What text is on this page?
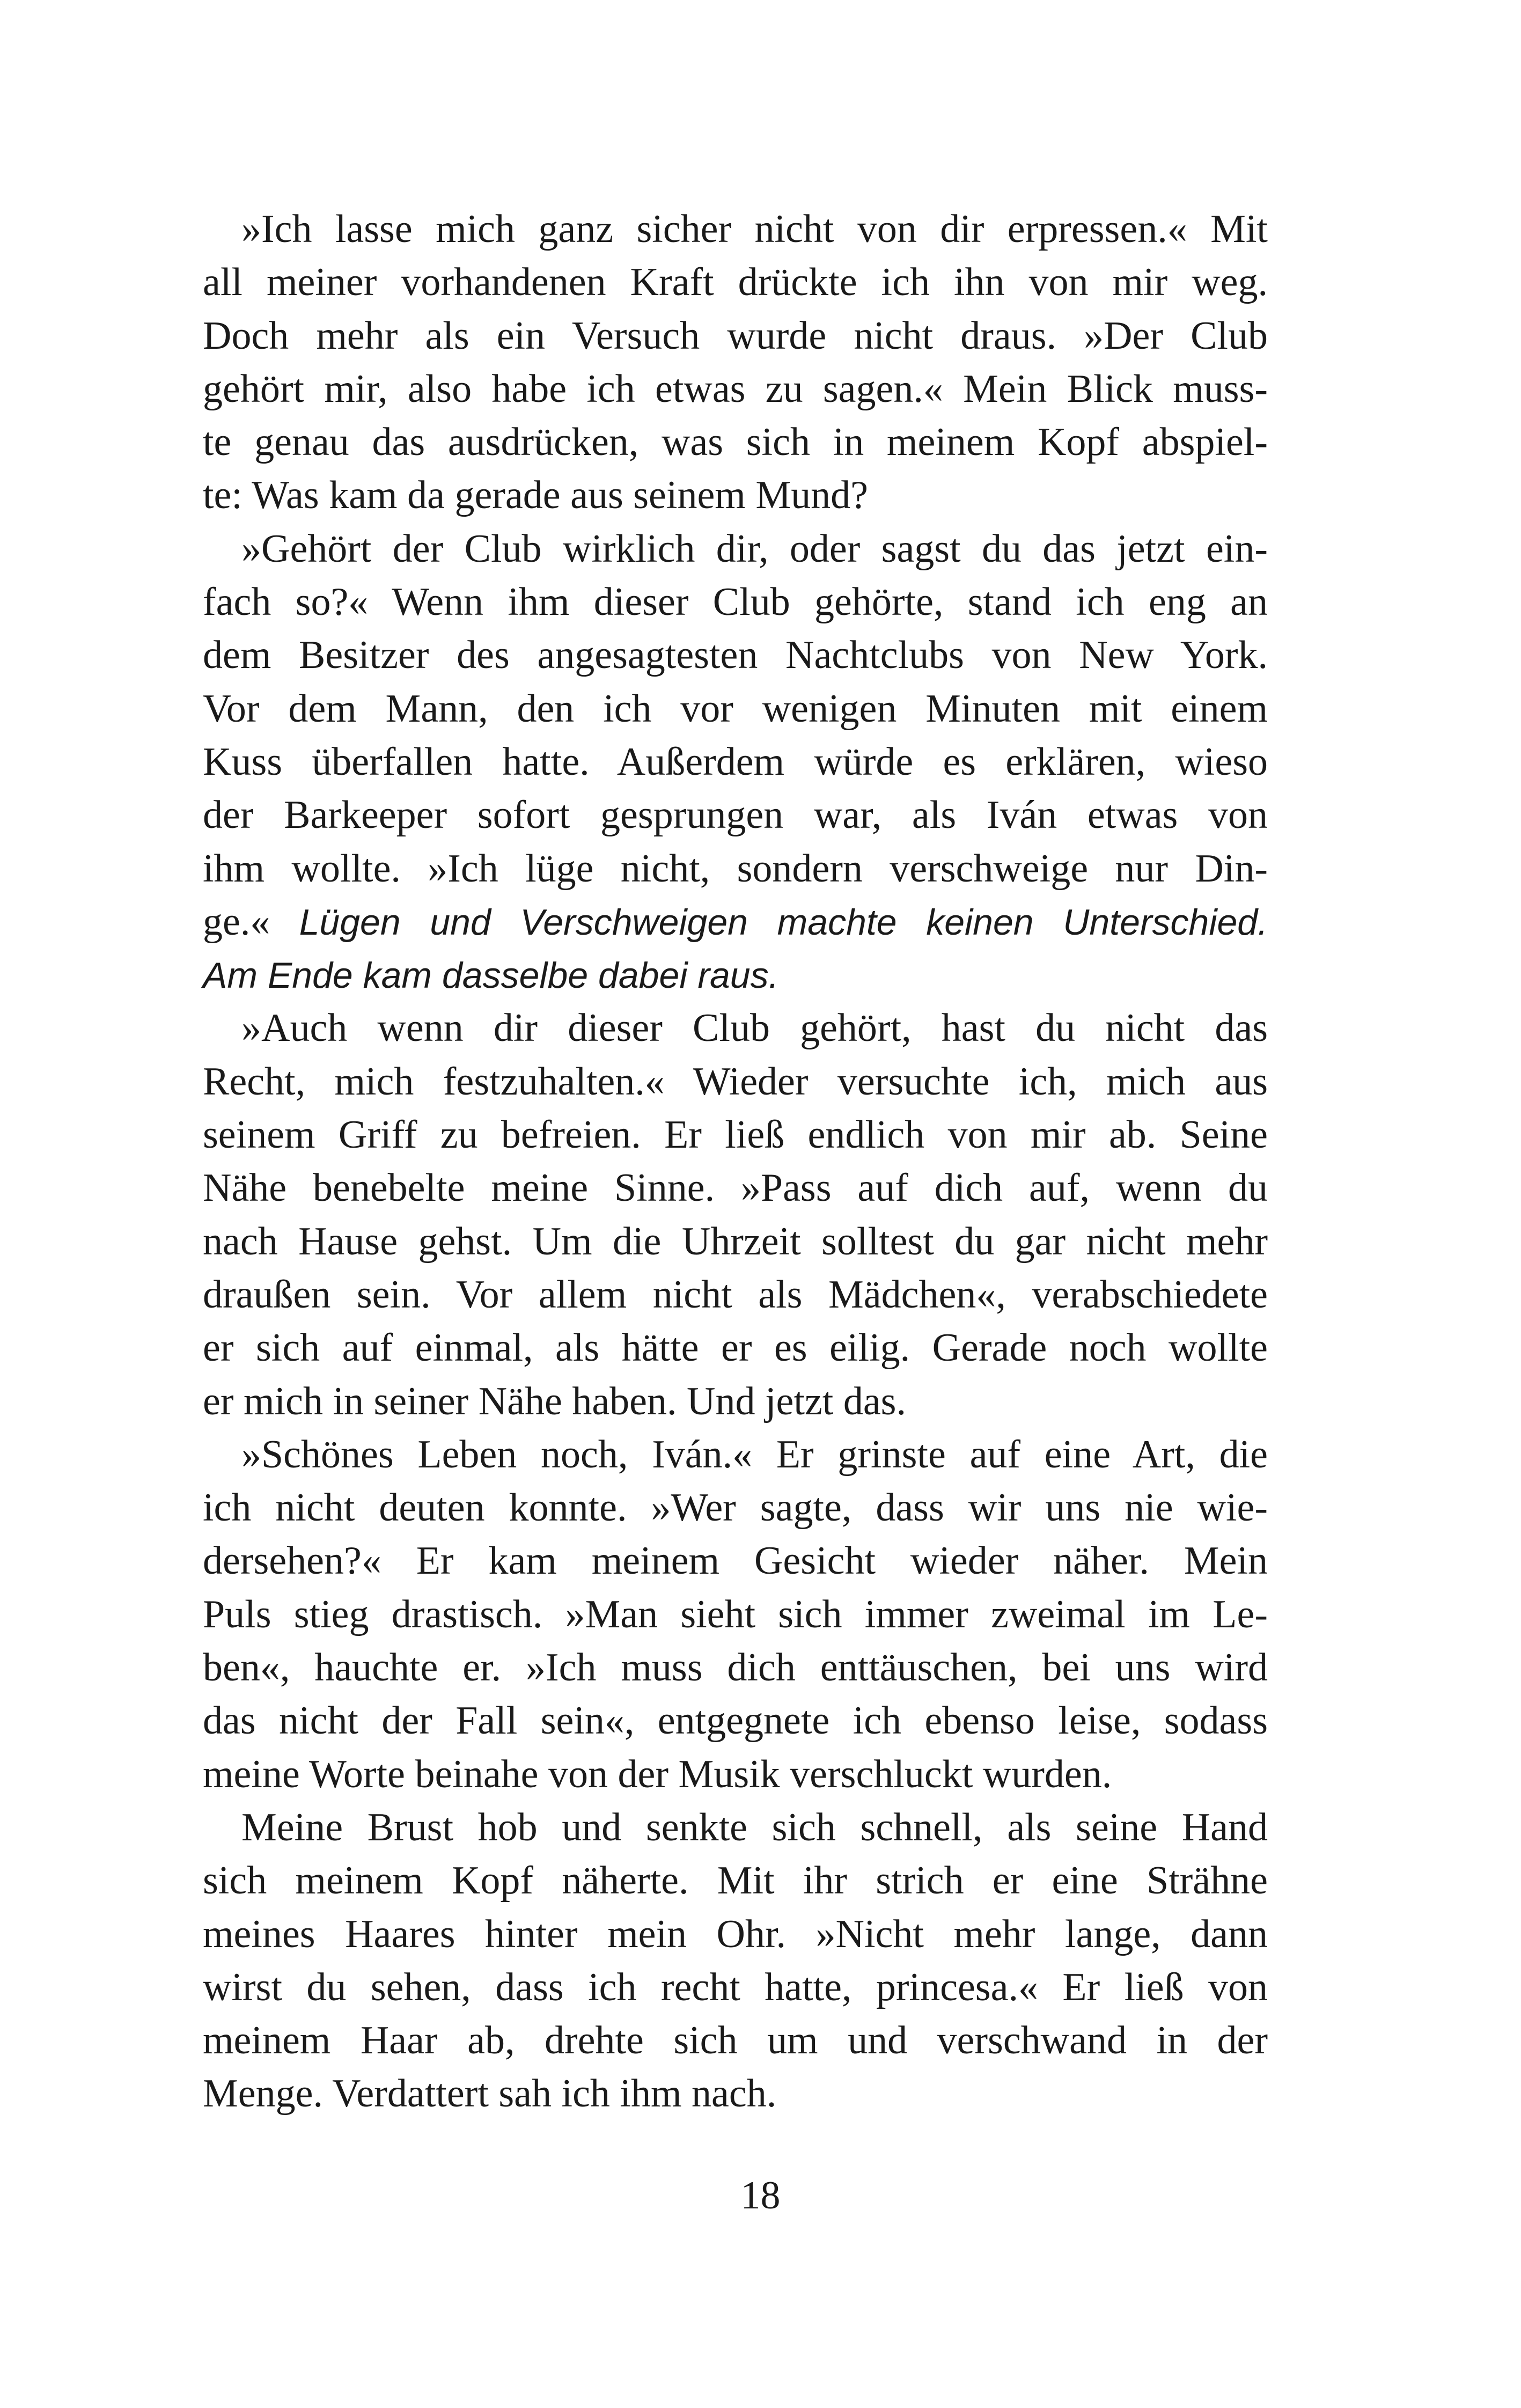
»Ich lasse mich ganz sicher nicht von dir erpressen.« Mit
all meiner vorhandenen Kraft drückte ich ihn von mir weg.
Doch mehr als ein Versuch wurde nicht draus. »Der Club
gehört mir, also habe ich etwas zu sagen.« Mein Blick muss-
te genau das ausdrücken, was sich in meinem Kopf abspiel-
te: Was kam da gerade aus seinem Mund?
»Gehört der Club wirklich dir, oder sagst du das jetzt ein-
fach so?« Wenn ihm dieser Club gehörte, stand ich eng an
dem Besitzer des angesagtesten Nachtclubs von New York.
Vor dem Mann, den ich vor wenigen Minuten mit einem
Kuss überfallen hatte. Außerdem würde es erklären, wieso
der Barkeeper sofort gesprungen war, als Iván etwas von
ihm wollte. »Ich lüge nicht, sondern verschweige nur Din-
ge.« Lügen und Verschweigen machte keinen Unterschied.
Am Ende kam dasselbe dabei raus.
»Auch wenn dir dieser Club gehört, hast du nicht das
Recht, mich festzuhalten.« Wieder versuchte ich, mich aus
seinem Griff zu befreien. Er ließ endlich von mir ab. Seine
Nähe benebelte meine Sinne. »Pass auf dich auf, wenn du
nach Hause gehst. Um die Uhrzeit solltest du gar nicht mehr
draußen sein. Vor allem nicht als Mädchen«, verabschiedete
er sich auf einmal, als hätte er es eilig. Gerade noch wollte
er mich in seiner Nähe haben. Und jetzt das.
»Schönes Leben noch, Iván.« Er grinste auf eine Art, die
ich nicht deuten konnte. »Wer sagte, dass wir uns nie wie-
dersehen?« Er kam meinem Gesicht wieder näher. Mein
Puls stieg drastisch. »Man sieht sich immer zweimal im Le-
ben«, hauchte er. »Ich muss dich enttäuschen, bei uns wird
das nicht der Fall sein«, entgegnete ich ebenso leise, sodass
meine Worte beinahe von der Musik verschluckt wurden.
Meine Brust hob und senkte sich schnell, als seine Hand
sich meinem Kopf näherte. Mit ihr strich er eine Strähne
meines Haares hinter mein Ohr. »Nicht mehr lange, dann
wirst du sehen, dass ich recht hatte, princesa.« Er ließ von
meinem Haar ab, drehte sich um und verschwand in der
Menge. Verdattert sah ich ihm nach.
18
